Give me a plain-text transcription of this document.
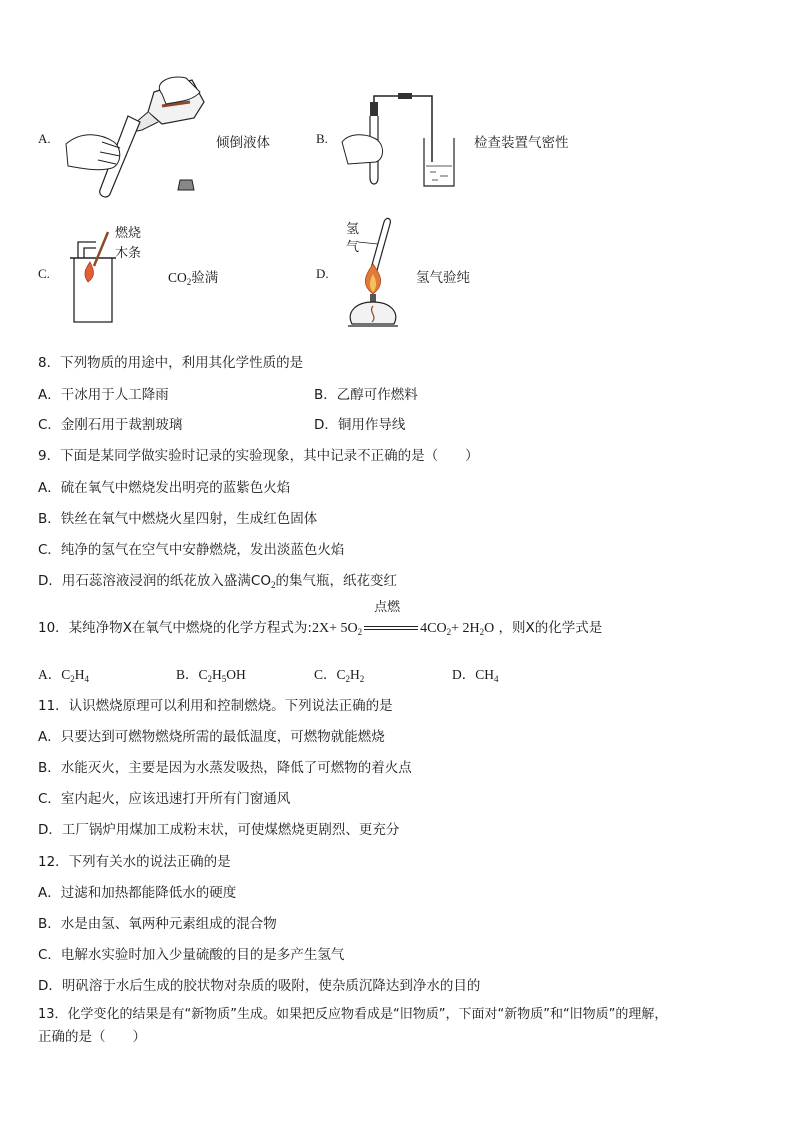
A.	倾倒液体	B.	检查装置气密性
C.
燃烧
木条
$CO_2$验满	D.
氢
气
氢气验纯
8．下列物质的用途中，利用其化学性质的是
A．干冰用于人工降雨	B．乙醇可作燃料
C．金刚石用于裁割玻璃	D．铜用作导线
9．下面是某同学做实验时记录的实验现象，其中记录不正确的是（　　）
A．硫在氧气中燃烧发出明亮的蓝紫色火焰
B．铁丝在氧气中燃烧火星四射，生成红色固体
C．纯净的氢气在空气中安静燃烧，发出淡蓝色火焰
D．用石蕊溶液浸润的纸花放入盛满$CO_2$的集气瓶，纸花变红
10．某纯净物X在氧气中燃烧的化学方程式为:2X+ $5O_2$
点燃
$4CO_2+ 2H_2O$ ，则X的化学式是
A．$C_2H_4$	B．$C_2H_5OH$	C．$C_2H_2$	D．$CH_4$
11．认识燃烧原理可以利用和控制燃烧。下列说法正确的是
A．只要达到可燃物燃烧所需的最低温度，可燃物就能燃烧
B．水能灭火，主要是因为水蒸发吸热，降低了可燃物的着火点
C．室内起火，应该迅速打开所有门窗通风
D．工厂锅炉用煤加工成粉末状，可使煤燃烧更剧烈、更充分
12．下列有关水的说法正确的是
A．过滤和加热都能降低水的硬度
B．水是由氢、氧两种元素组成的混合物
C．电解水实验时加入少量硫酸的目的是多产生氢气
D．明矾溶于水后生成的胶状物对杂质的吸附，使杂质沉降达到净水的目的
13．化学变化的结果是有“新物质”生成。如果把反应物看成是“旧物质”，下面对“新物质”和“旧物质”的理解，
正确的是（　　）
